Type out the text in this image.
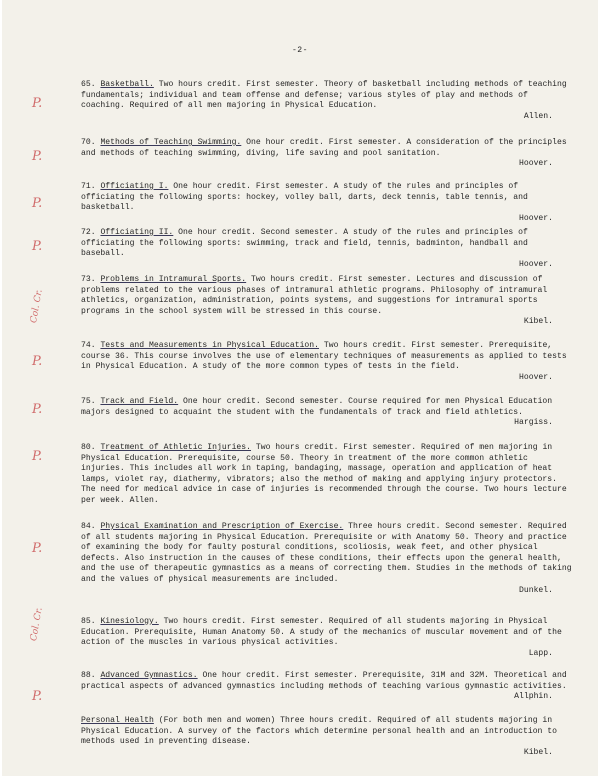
-2-
P.
P.
P.
P.
Col. Cr.
P.
P.
P.
P.
Col. Cr.
P.

65. Basketball. Two hours credit. First semester. Theory of basketball including methods of teaching fundamentals; individual and team offense and defense; various styles of play and methods of coaching. Required of all men majoring in Physical Education.

Allen.

70. Methods of Teaching Swimming. One hour credit. First semester. A consideration of the principles and methods of teaching swimming, diving, life saving and pool sanitation.

Hoover.

71. Officiating I. One hour credit. First semester. A study of the rules and principles of officiating the following sports: hockey, volley ball, darts, deck tennis, table tennis, and basketball.

Hoover.

72. Officiating II. One hour credit. Second semester. A study of the rules and principles of officiating the following sports: swimming, track and field, tennis, badminton, handball and baseball.

Hoover.

73. Problems in Intramural Sports. Two hours credit. First semester. Lectures and discussion of problems related to the various phases of intramural athletic programs. Philosophy of intramural athletics, organization, administration, points systems, and suggestions for intramural sports programs in the school system will be stressed in this course.

Kibel.

74. Tests and Measurements in Physical Education. Two hours credit. First semester. Prerequisite, course 36. This course involves the use of elementary techniques of measurements as applied to tests in Physical Education. A study of the more common types of tests in the field.

Hoover.

75. Track and Field. One hour credit. Second semester. Course required for men Physical Education majors designed to acquaint the student with the fundamentals of track and field athletics.

Hargiss.

80. Treatment of Athletic Injuries. Two hours credit. First semester. Required of men majoring in Physical Education. Prerequisite, course 50. Theory in treatment of the more common athletic injuries. This includes all work in taping, bandaging, massage, operation and application of heat lamps, violet ray, diathermy, vibrators; also the method of making and applying injury protectors. The need for medical advice in case of injuries is recommended through the course. Two hours lecture per week. Allen.

84. Physical Examination and Prescription of Exercise. Three hours credit. Second semester. Required of all students majoring in Physical Education. Prerequisite or with Anatomy 50. Theory and practice of examining the body for faulty postural conditions, scoliosis, weak feet, and other physical defects. Also instruction in the causes of these conditions, their effects upon the general health, and the use of therapeutic gymnastics as a means of correcting them. Studies in the methods of taking and the values of physical measurements are included.

Dunkel.

85. Kinesiology. Two hours credit. First semester. Required of all students majoring in Physical Education. Prerequisite, Human Anatomy 50. A study of the mechanics of muscular movement and of the action of the muscles in various physical activities.

Lapp.

88. Advanced Gymnastics. One hour credit. First semester. Prerequisite, 31M and 32M. Theoretical and practical aspects of advanced gymnastics including methods of teaching various gymnastic activities.

Allphin.

Personal Health (For both men and women) Three hours credit. Required of all students majoring in Physical Education. A survey of the factors which determine personal health and an introduction to methods used in preventing disease.

Kibel.
